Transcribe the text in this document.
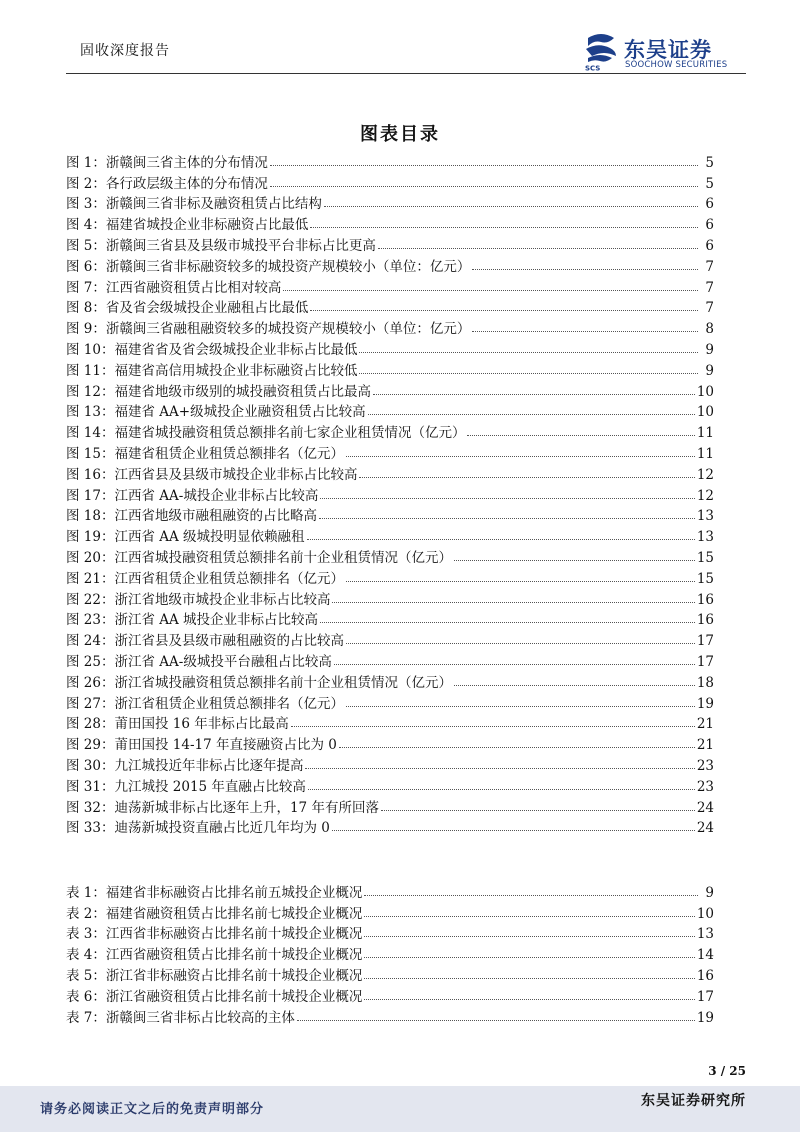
固收深度报告
SCS
东吴证券
SOOCHOW SECURITIES
图表目录
图 1：浙赣闽三省主体的分布情况	5
图 2：各行政层级主体的分布情况	5
图 3：浙赣闽三省非标及融资租赁占比结构	6
图 4：福建省城投企业非标融资占比最低	6
图 5：浙赣闽三省县及县级市城投平台非标占比更高	6
图 6：浙赣闽三省非标融资较多的城投资产规模较小（单位：亿元）	7
图 7：江西省融资租赁占比相对较高	7
图 8：省及省会级城投企业融租占比最低	7
图 9：浙赣闽三省融租融资较多的城投资产规模较小（单位：亿元）	8
图 10：福建省省及省会级城投企业非标占比最低	9
图 11：福建省高信用城投企业非标融资占比较低	9
图 12：福建省地级市级别的城投融资租赁占比最高	10
图 13：福建省 AA+级城投企业融资租赁占比较高	10
图 14：福建省城投融资租赁总额排名前七家企业租赁情况（亿元）	11
图 15：福建省租赁企业租赁总额排名（亿元）	11
图 16：江西省县及县级市城投企业非标占比较高	12
图 17：江西省 AA-城投企业非标占比较高	12
图 18：江西省地级市融租融资的占比略高	13
图 19：江西省 AA 级城投明显依赖融租	13
图 20：江西省城投融资租赁总额排名前十企业租赁情况（亿元）	15
图 21：江西省租赁企业租赁总额排名（亿元）	15
图 22：浙江省地级市城投企业非标占比较高	16
图 23：浙江省 AA 城投企业非标占比较高	16
图 24：浙江省县及县级市融租融资的占比较高	17
图 25：浙江省 AA-级城投平台融租占比较高	17
图 26：浙江省城投融资租赁总额排名前十企业租赁情况（亿元）	18
图 27：浙江省租赁企业租赁总额排名（亿元）	19
图 28：莆田国投 16 年非标占比最高	21
图 29：莆田国投 14-17 年直接融资占比为 0	21
图 30：九江城投近年非标占比逐年提高	23
图 31：九江城投 2015 年直融占比较高	23
图 32：迪荡新城非标占比逐年上升，17 年有所回落	24
图 33：迪荡新城投资直融占比近几年均为 0	24
表 1：福建省非标融资占比排名前五城投企业概况	9
表 2：福建省融资租赁占比排名前七城投企业概况	10
表 3：江西省非标融资占比排名前十城投企业概况	13
表 4：江西省融资租赁占比排名前十城投企业概况	14
表 5：浙江省非标融资占比排名前十城投企业概况	16
表 6：浙江省融资租赁占比排名前十城投企业概况	17
表 7：浙赣闽三省非标占比较高的主体	19
3 / 25
请务必阅读正文之后的免责声明部分
东吴证券研究所
